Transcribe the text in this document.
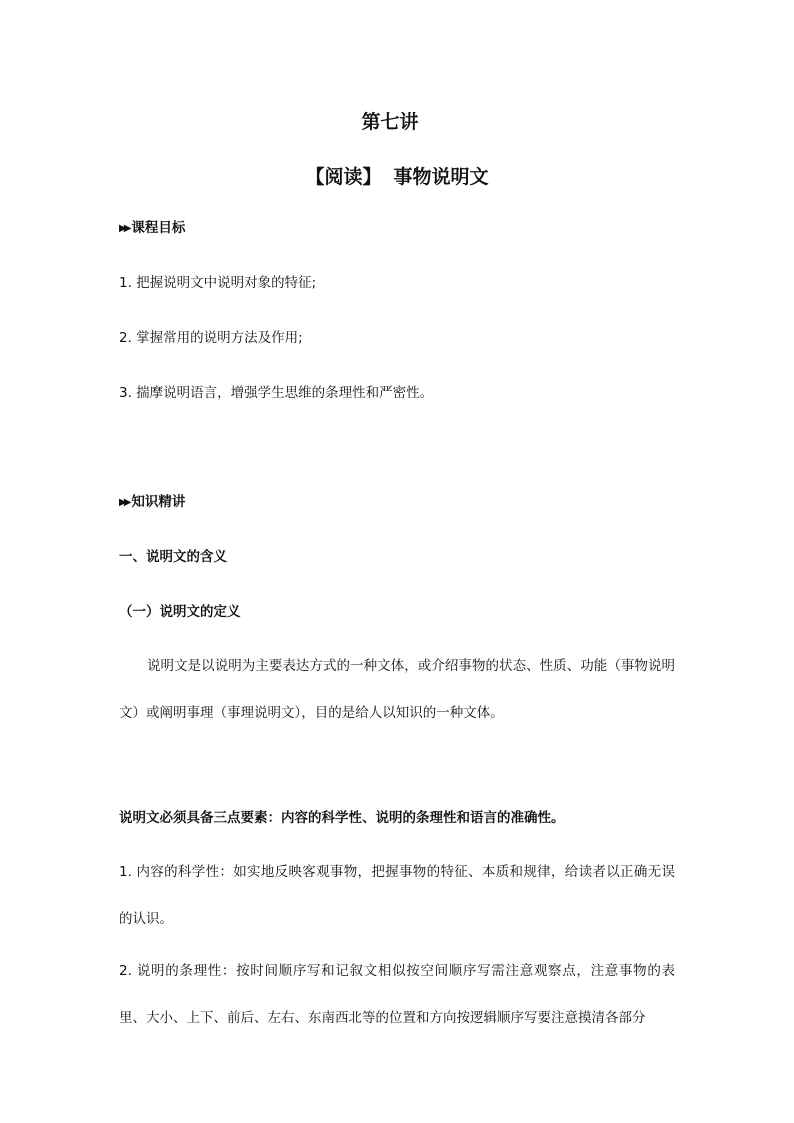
第七讲
【阅读】 事物说明文
▶▶ 课程目标
1. 把握说明文中说明对象的特征;
2. 掌握常用的说明方法及作用;
3. 揣摩说明语言，增强学生思维的条理性和严密性。
▶▶ 知识精讲
一、说明文的含义
（一）说明文的定义
说明文是以说明为主要表达方式的一种文体，或介绍事物的状态、性质、功能（事物说明文）或阐明事理（事理说明文），目的是给人以知识的一种文体。
说明文必须具备三点要素：内容的科学性、说明的条理性和语言的准确性。
1. 内容的科学性：如实地反映客观事物，把握事物的特征、本质和规律，给读者以正确无误的认识。
2. 说明的条理性：按时间顺序写和记叙文相似按空间顺序写需注意观察点，注意事物的表里、大小、上下、前后、左右、东南西北等的位置和方向按逻辑顺序写要注意摸清各部分
